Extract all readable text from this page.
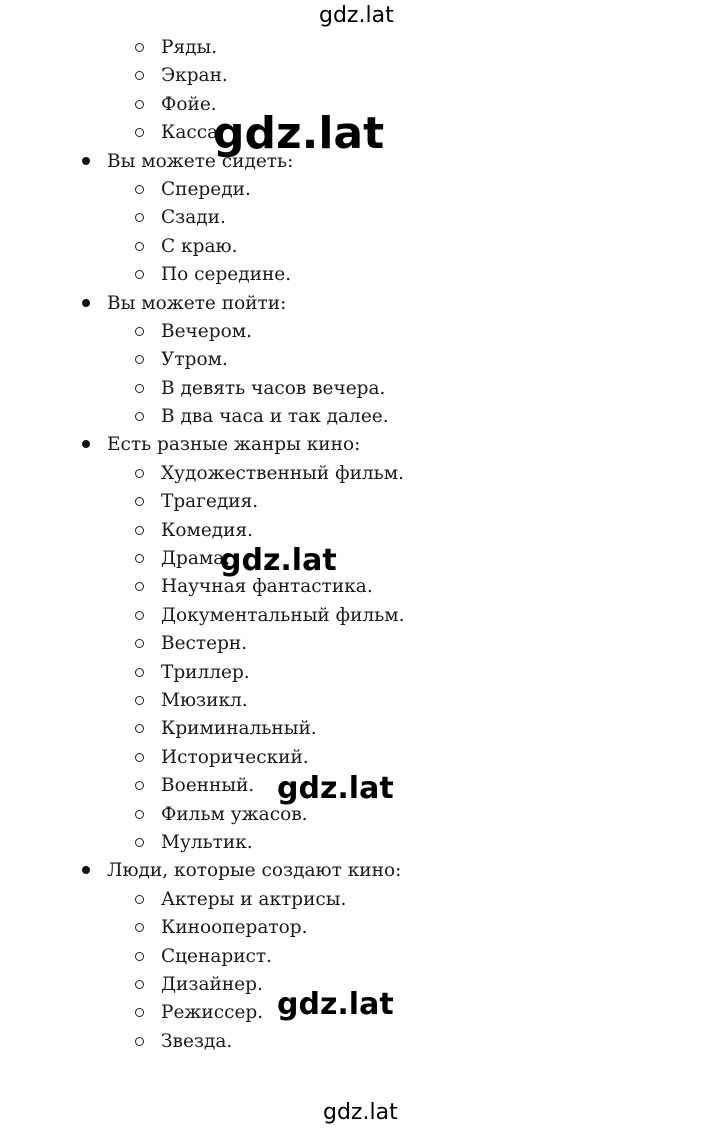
Ряды.
Экран.
Фойе.
Касса.
Вы можете сидеть:
Спереди.
Сзади.
С краю.
По середине.
Вы можете пойти:
Вечером.
Утром.
В девять часов вечера.
В два часа и так далее.
Есть разные жанры кино:
Художественный фильм.
Трагедия.
Комедия.
Драма.
Научная фантастика.
Документальный фильм.
Вестерн.
Триллер.
Мюзикл.
Криминальный.
Исторический.
Военный.
Фильм ужасов.
Мультик.
Люди, которые создают кино:
Актеры и актрисы.
Кинооператор.
Сценарист.
Дизайнер.
Режиссер.
Звезда.
gdz.lat
gdz.lat
gdz.lat
gdz.lat
gdz.lat
gdz.lat
